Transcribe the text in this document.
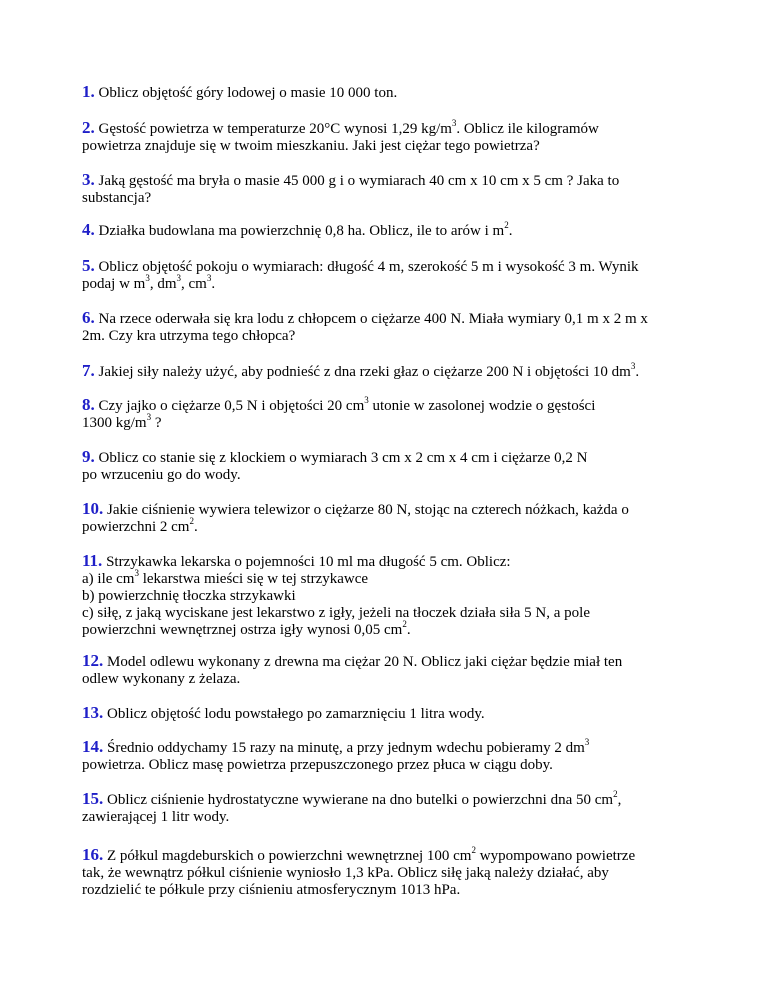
1. Oblicz objętość góry lodowej o masie 10 000 ton.
2. Gęstość powietrza w temperaturze 20°C wynosi 1,29 $kg/m^3$. Oblicz ile kilogramów
powietrza znajduje się w twoim mieszkaniu. Jaki jest ciężar tego powietrza?
3. Jaką gęstość ma bryła o masie 45 000 g i o wymiarach 40 cm x 10 cm x 5 cm ? Jaka to
substancja?
4. Działka budowlana ma powierzchnię 0,8 ha. Oblicz, ile to arów i $m^2$.
5. Oblicz objętość pokoju o wymiarach: długość 4 m, szerokość 5 m i wysokość 3 m. Wynik
podaj w $m^3$, $dm^3$, $cm^3$.
6. Na rzece oderwała się kra lodu z chłopcem o ciężarze 400 N. Miała wymiary 0,1 m x 2 m x
2m. Czy kra utrzyma tego chłopca?
7. Jakiej siły należy użyć, aby podnieść z dna rzeki głaz o ciężarze 200 N i objętości 10 $dm^3$.
8. Czy jajko o ciężarze 0,5 N i objętości 20 $cm^3$ utonie w zasolonej wodzie o gęstości
1300 $kg/m^3$ ?
9. Oblicz co stanie się z klockiem o wymiarach 3 cm x 2 cm x 4 cm i ciężarze 0,2 N
po wrzuceniu go do wody.
10. Jakie ciśnienie wywiera telewizor o ciężarze 80 N, stojąc na czterech nóżkach, każda o
powierzchni 2 $cm^2$.
11. Strzykawka lekarska o pojemności 10 ml ma długość 5 cm. Oblicz:
a) ile $cm^3$ lekarstwa mieści się w tej strzykawce
b) powierzchnię tłoczka strzykawki
c) siłę, z jaką wyciskane jest lekarstwo z igły, jeżeli na tłoczek działa siła 5 N, a pole
powierzchni wewnętrznej ostrza igły wynosi 0,05 $cm^2$.
12. Model odlewu wykonany z drewna ma ciężar 20 N. Oblicz jaki ciężar będzie miał ten
odlew wykonany z żelaza.
13. Oblicz objętość lodu powstałego po zamarznięciu 1 litra wody.
14. Średnio oddychamy 15 razy na minutę, a przy jednym wdechu pobieramy 2 $dm^3$
powietrza. Oblicz masę powietrza przepuszczonego przez płuca w ciągu doby.
15. Oblicz ciśnienie hydrostatyczne wywierane na dno butelki o powierzchni dna 50 $cm^2$,
zawierającej 1 litr wody.
16. Z półkul magdeburskich o powierzchni wewnętrznej 100 $cm^2$ wypompowano powietrze
tak, że wewnątrz półkul ciśnienie wyniosło 1,3 kPa. Oblicz siłę jaką należy działać, aby
rozdzielić te półkule przy ciśnieniu atmosferycznym 1013 hPa.
